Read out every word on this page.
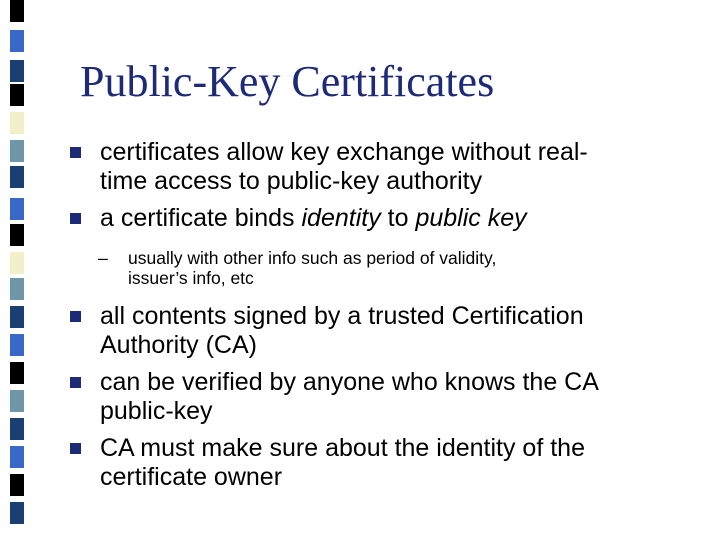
Public-Key Certificates
certificates allow key exchange without real-
time access to public-key authority
a certificate binds identity to public key
– usually with other info such as period of validity,
issuer’s info, etc
all contents signed by a trusted Certification
Authority (CA)
can be verified by anyone who knows the CA
public-key
CA must make sure about the identity of the
certificate owner
